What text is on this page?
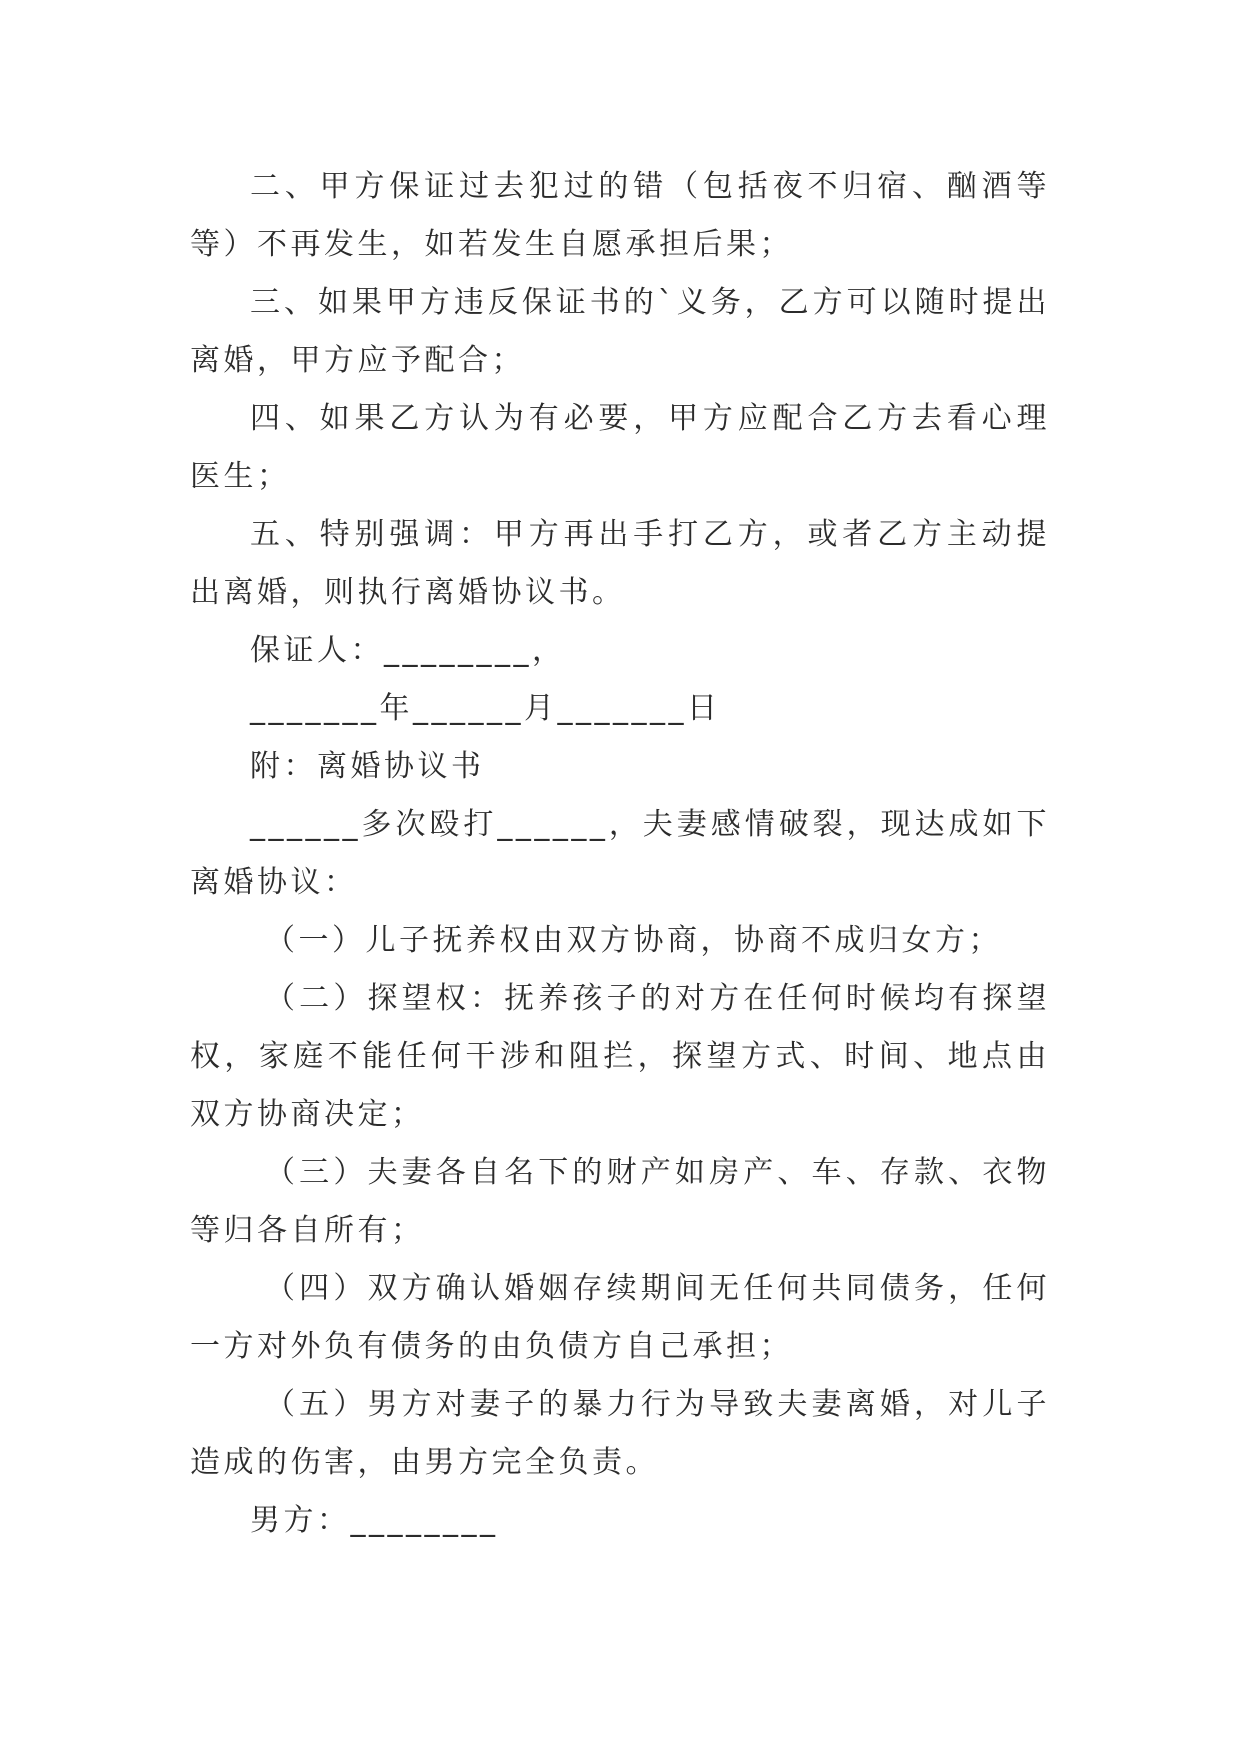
二、甲方保证过去犯过的错（包括夜不归宿、酗酒等等）不再发生，如若发生自愿承担后果；

三、如果甲方违反保证书的`义务，乙方可以随时提出离婚，甲方应予配合；

四、如果乙方认为有必要，甲方应配合乙方去看心理医生；

五、特别强调：甲方再出手打乙方，或者乙方主动提出离婚，则执行离婚协议书。

保证人：________，

_______年______月_______日

附：离婚协议书

______多次殴打______，夫妻感情破裂，现达成如下离婚协议：

（一）儿子抚养权由双方协商，协商不成归女方；

（二）探望权：抚养孩子的对方在任何时候均有探望权，家庭不能任何干涉和阻拦，探望方式、时间、地点由双方协商决定；

（三）夫妻各自名下的财产如房产、车、存款、衣物等归各自所有；

（四）双方确认婚姻存续期间无任何共同债务，任何一方对外负有债务的由负债方自己承担；

（五）男方对妻子的暴力行为导致夫妻离婚，对儿子造成的伤害，由男方完全负责。

男方：________
